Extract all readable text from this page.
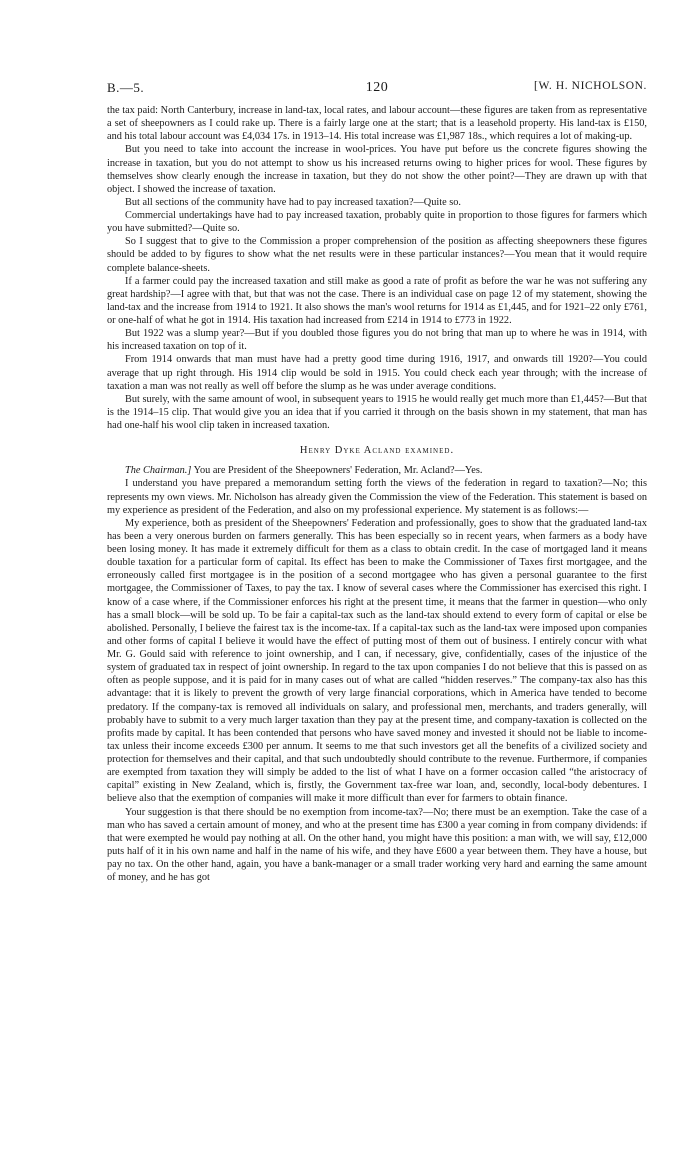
B.—5.	120	[W. H. NICHOLSON.

the tax paid: North Canterbury, increase in land-tax, local rates, and labour account—these figures are taken from as representative a set of sheepowners as I could rake up. There is a fairly large one at the start; that is a leasehold property. His land-tax is £150, and his total labour account was £4,034 17s. in 1913–14. His total increase was £1,987 18s., which requires a lot of making-up.

But you need to take into account the increase in wool-prices. You have put before us the concrete figures showing the increase in taxation, but you do not attempt to show us his increased returns owing to higher prices for wool. These figures by themselves show clearly enough the increase in taxation, but they do not show the other point?—They are drawn up with that object. I showed the increase of taxation.

But all sections of the community have had to pay increased taxation?—Quite so.

Commercial undertakings have had to pay increased taxation, probably quite in proportion to those figures for farmers which you have submitted?—Quite so.

So I suggest that to give to the Commission a proper comprehension of the position as affecting sheepowners these figures should be added to by figures to show what the net results were in these particular instances?—You mean that it would require complete balance-sheets.

If a farmer could pay the increased taxation and still make as good a rate of profit as before the war he was not suffering any great hardship?—I agree with that, but that was not the case. There is an individual case on page 12 of my statement, showing the land-tax and the increase from 1914 to 1921. It also shows the man's wool returns for 1914 as £1,445, and for 1921–22 only £761, or one-half of what he got in 1914. His taxation had increased from £214 in 1914 to £773 in 1922.

But 1922 was a slump year?—But if you doubled those figures you do not bring that man up to where he was in 1914, with his increased taxation on top of it.

From 1914 onwards that man must have had a pretty good time during 1916, 1917, and onwards till 1920?—You could average that up right through. His 1914 clip would be sold in 1915. You could check each year through; with the increase of taxation a man was not really as well off before the slump as he was under average conditions.

But surely, with the same amount of wool, in subsequent years to 1915 he would really get much more than £1,445?—But that is the 1914–15 clip. That would give you an idea that if you carried it through on the basis shown in my statement, that man has had one-half his wool clip taken in increased taxation.

Henry Dyke Acland examined.

The Chairman.] You are President of the Sheepowners' Federation, Mr. Acland?—Yes.

I understand you have prepared a memorandum setting forth the views of the federation in regard to taxation?—No; this represents my own views. Mr. Nicholson has already given the Commission the view of the Federation. This statement is based on my experience as president of the Federation, and also on my professional experience. My statement is as follows:—

My experience, both as president of the Sheepowners' Federation and professionally, goes to show that the graduated land-tax has been a very onerous burden on farmers generally. This has been especially so in recent years, when farmers as a body have been losing money. It has made it extremely difficult for them as a class to obtain credit. In the case of mortgaged land it means double taxation for a particular form of capital. Its effect has been to make the Commissioner of Taxes first mortgagee, and the erroneously called first mortgagee is in the position of a second mortgagee who has given a personal guarantee to the first mortgagee, the Commissioner of Taxes, to pay the tax. I know of several cases where the Commissioner has exercised this right. I know of a case where, if the Commissioner enforces his right at the present time, it means that the farmer in question—who only has a small block—will be sold up. To be fair a capital-tax such as the land-tax should extend to every form of capital or else be abolished. Personally, I believe the fairest tax is the income-tax. If a capital-tax such as the land-tax were imposed upon companies and other forms of capital I believe it would have the effect of putting most of them out of business. I entirely concur with what Mr. G. Gould said with reference to joint ownership, and I can, if necessary, give, confidentially, cases of the injustice of the system of graduated tax in respect of joint ownership. In regard to the tax upon companies I do not believe that this is passed on as often as people suppose, and it is paid for in many cases out of what are called “hidden reserves.” The company-tax also has this advantage: that it is likely to prevent the growth of very large financial corporations, which in America have tended to become predatory. If the company-tax is removed all individuals on salary, and professional men, merchants, and traders generally, will probably have to submit to a very much larger taxation than they pay at the present time, and company-taxation is collected on the profits made by capital. It has been contended that persons who have saved money and invested it should not be liable to income-tax unless their income exceeds £300 per annum. It seems to me that such investors get all the benefits of a civilized society and protection for themselves and their capital, and that such undoubtedly should contribute to the revenue. Furthermore, if companies are exempted from taxation they will simply be added to the list of what I have on a former occasion called “the aristocracy of capital” existing in New Zealand, which is, firstly, the Government tax-free war loan, and, secondly, local-body debentures. I believe also that the exemption of companies will make it more difficult than ever for farmers to obtain finance.

Your suggestion is that there should be no exemption from income-tax?—No; there must be an exemption. Take the case of a man who has saved a certain amount of money, and who at the present time has £300 a year coming in from company dividends: if that were exempted he would pay nothing at all. On the other hand, you might have this position: a man with, we will say, £12,000 puts half of it in his own name and half in the name of his wife, and they have £600 a year between them. They have a house, but pay no tax. On the other hand, again, you have a bank-manager or a small trader working very hard and earning the same amount of money, and he has got
